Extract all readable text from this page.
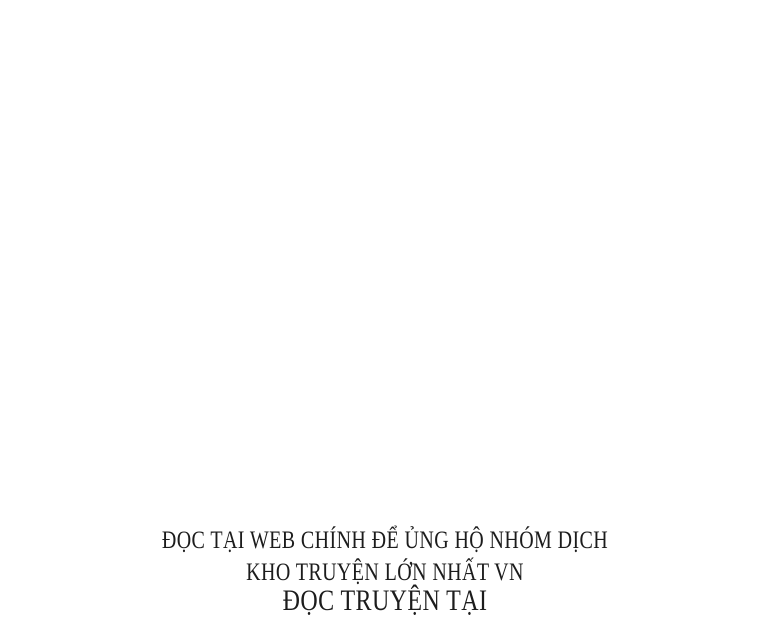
ĐỌC TẠI WEB CHÍNH ĐỂ ỦNG HỘ NHÓM DỊCH
KHO TRUYỆN LỚN NHẤT VN
ĐỌC TRUYỆN TẠI
